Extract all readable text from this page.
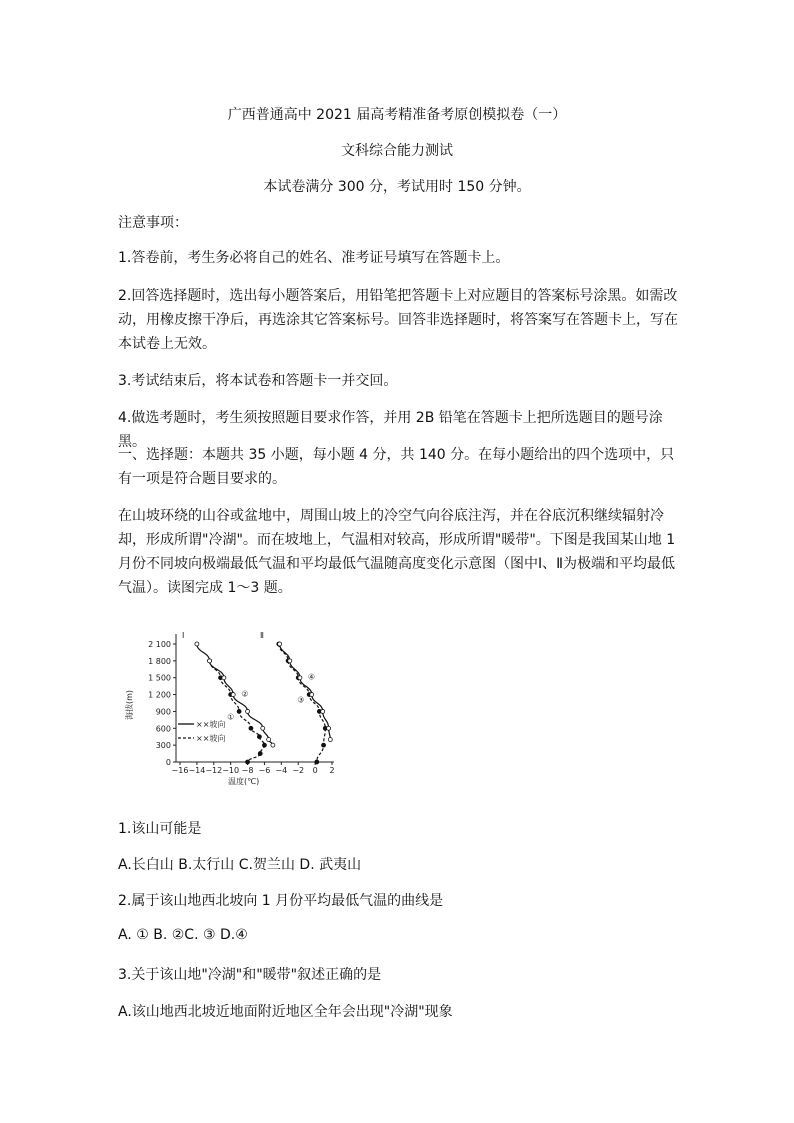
广西普通高中 2021 届高考精准备考原创模拟卷（一）
文科综合能力测试
本试卷满分 300 分，考试用时 150 分钟。
注意事项：
1.答卷前，考生务必将自己的姓名、准考证号填写在答题卡上。
2.回答选择题时，选出每小题答案后，用铅笔把答题卡上对应题目的答案标号涂黑。如需改动，用橡皮擦干净后，再选涂其它答案标号。回答非选择题时，将答案写在答题卡上，写在本试卷上无效。
3.考试结束后，将本试卷和答题卡一并交回。
4.做选考题时，考生须按照题目要求作答，并用 2B 铅笔在答题卡上把所选题目的题号涂黑。
一、选择题：本题共 35 小题，每小题 4 分，共 140 分。在每小题给出的四个选项中，只有一项是符合题目要求的。
在山坡环绕的山谷或盆地中，周围山坡上的冷空气向谷底注泻，并在谷底沉积继续辐射冷却，形成所谓"冷湖"。而在坡地上，气温相对较高，形成所谓"暖带"。下图是我国某山地 1 月份不同坡向极端最低气温和平均最低气温随高度变化示意图（图中Ⅰ、Ⅱ为极端和平均最低气温）。读图完成 1～3 题。
海拔(m)
温度(℃)
Ⅰ	Ⅱ
××坡向
××坡向
2 100
1 800
1 500
1 200
900
600
300
0
−16 −14 −12 −10 −8 −6 −4 −2 0 2
①
②
③
④
1.该山可能是
A.长白山 B.太行山 C.贺兰山 D. 武夷山
2.属于该山地西北坡向 1 月份平均最低气温的曲线是
A. ① B. ②C. ③ D.④
3.关于该山地"冷湖"和"暖带"叙述正确的是
A.该山地西北坡近地面附近地区全年会出现"冷湖"现象
